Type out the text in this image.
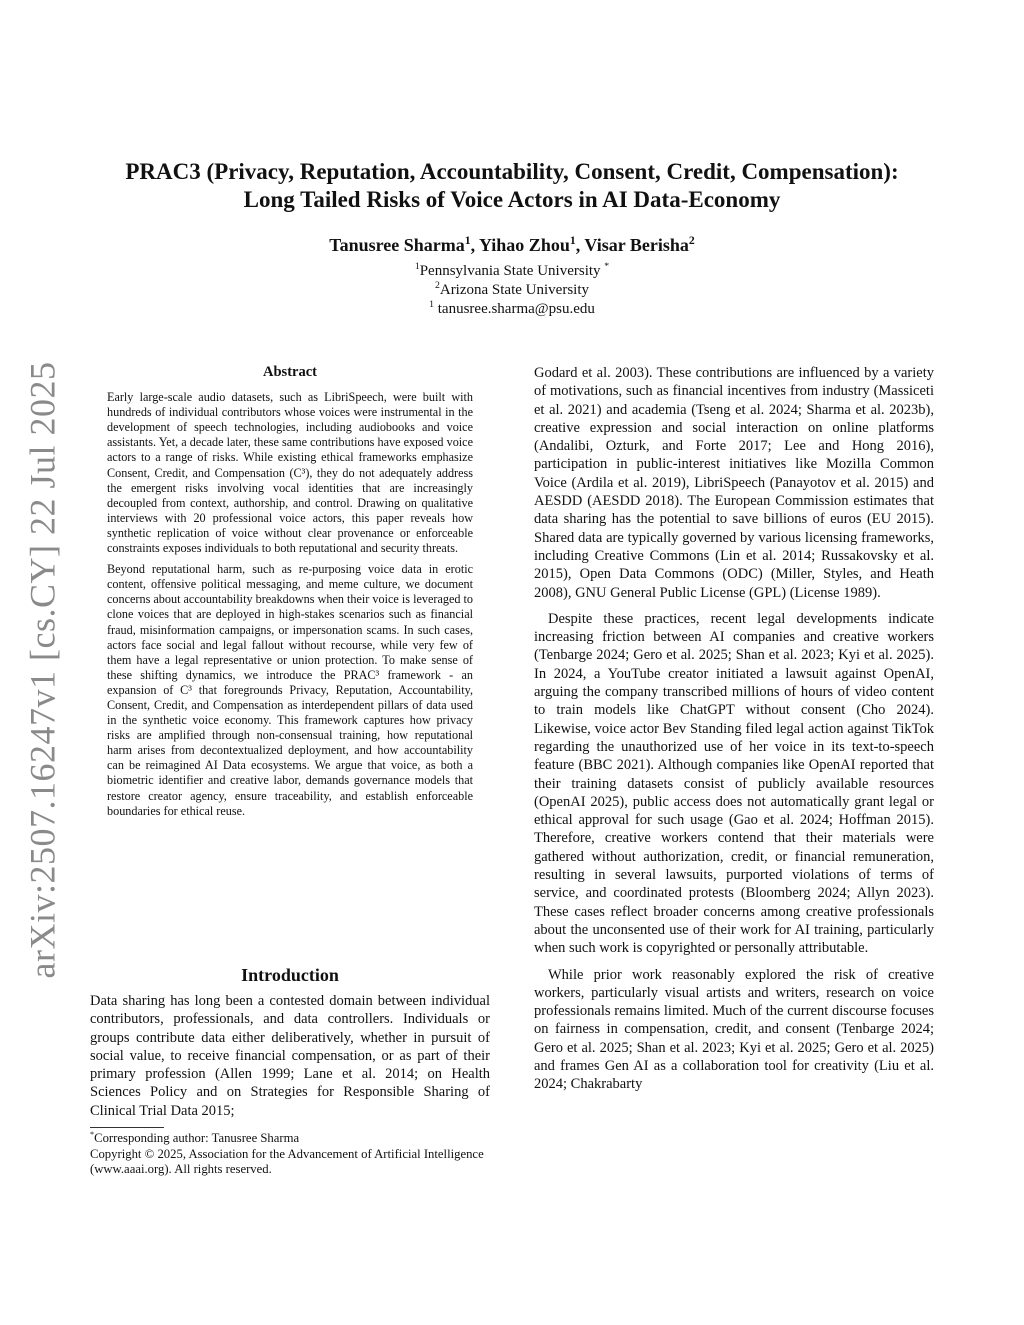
arXiv:2507.16247v1 [cs.CY] 22 Jul 2025
PRAC3 (Privacy, Reputation, Accountability, Consent, Credit, Compensation):
Long Tailed Risks of Voice Actors in AI Data-Economy
Tanusree Sharma$^1$, Yihao Zhou$^1$, Visar Berisha$^2$
$^1$Pennsylvania State University *
$^2$Arizona State University
$^1$ tanusree.sharma@psu.edu
Abstract

Early large-scale audio datasets, such as LibriSpeech, were built with hundreds of individual contributors whose voices were instrumental in the development of speech technologies, including audiobooks and voice assistants. Yet, a decade later, these same contributions have exposed voice actors to a range of risks. While existing ethical frameworks emphasize Consent, Credit, and Compensation (C³), they do not adequately address the emergent risks involving vocal identities that are increasingly decoupled from context, authorship, and control. Drawing on qualitative interviews with 20 professional voice actors, this paper reveals how synthetic replication of voice without clear provenance or enforceable constraints exposes individuals to both reputational and security threats.

Beyond reputational harm, such as re-purposing voice data in erotic content, offensive political messaging, and meme culture, we document concerns about accountability breakdowns when their voice is leveraged to clone voices that are deployed in high-stakes scenarios such as financial fraud, misinformation campaigns, or impersonation scams. In such cases, actors face social and legal fallout without recourse, while very few of them have a legal representative or union protection. To make sense of these shifting dynamics, we introduce the PRAC³ framework - an expansion of C³ that foregrounds Privacy, Reputation, Accountability, Consent, Credit, and Compensation as interdependent pillars of data used in the synthetic voice economy. This framework captures how privacy risks are amplified through non-consensual training, how reputational harm arises from decontextualized deployment, and how accountability can be reimagined AI Data ecosystems. We argue that voice, as both a biometric identifier and creative labor, demands governance models that restore creator agency, ensure traceability, and establish enforceable boundaries for ethical reuse.

Introduction

Data sharing has long been a contested domain between individual contributors, professionals, and data controllers. Individuals or groups contribute data either deliberatively, whether in pursuit of social value, to receive financial compensation, or as part of their primary profession (Allen 1999; Lane et al. 2014; on Health Sciences Policy and on Strategies for Responsible Sharing of Clinical Trial Data 2015;

*Corresponding author: Tanusree Sharma

Copyright © 2025, Association for the Advancement of Artificial Intelligence (www.aaai.org). All rights reserved.

Godard et al. 2003). These contributions are influenced by a variety of motivations, such as financial incentives from industry (Massiceti et al. 2021) and academia (Tseng et al. 2024; Sharma et al. 2023b), creative expression and social interaction on online platforms (Andalibi, Ozturk, and Forte 2017; Lee and Hong 2016), participation in public-interest initiatives like Mozilla Common Voice (Ardila et al. 2019), LibriSpeech (Panayotov et al. 2015) and AESDD (AESDD 2018). The European Commission estimates that data sharing has the potential to save billions of euros (EU 2015). Shared data are typically governed by various licensing frameworks, including Creative Commons (Lin et al. 2014; Russakovsky et al. 2015), Open Data Commons (ODC) (Miller, Styles, and Heath 2008), GNU General Public License (GPL) (License 1989).

Despite these practices, recent legal developments indicate increasing friction between AI companies and creative workers (Tenbarge 2024; Gero et al. 2025; Shan et al. 2023; Kyi et al. 2025). In 2024, a YouTube creator initiated a lawsuit against OpenAI, arguing the company transcribed millions of hours of video content to train models like ChatGPT without consent (Cho 2024). Likewise, voice actor Bev Standing filed legal action against TikTok regarding the unauthorized use of her voice in its text-to-speech feature (BBC 2021). Although companies like OpenAI reported that their training datasets consist of publicly available resources (OpenAI 2025), public access does not automatically grant legal or ethical approval for such usage (Gao et al. 2024; Hoffman 2015). Therefore, creative workers contend that their materials were gathered without authorization, credit, or financial remuneration, resulting in several lawsuits, purported violations of terms of service, and coordinated protests (Bloomberg 2024; Allyn 2023). These cases reflect broader concerns among creative professionals about the unconsented use of their work for AI training, particularly when such work is copyrighted or personally attributable.

While prior work reasonably explored the risk of creative workers, particularly visual artists and writers, research on voice professionals remains limited. Much of the current discourse focuses on fairness in compensation, credit, and consent (Tenbarge 2024; Gero et al. 2025; Shan et al. 2023; Kyi et al. 2025; Gero et al. 2025) and frames Gen AI as a collaboration tool for creativity (Liu et al. 2024; Chakrabarty
